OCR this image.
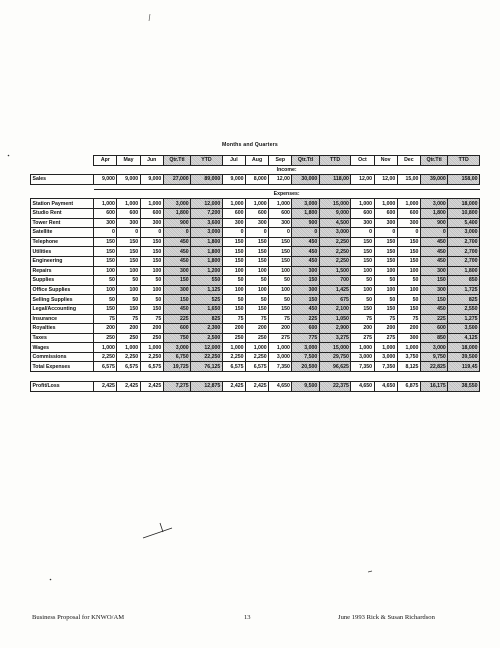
Months and Quarters
	Apr	May	Jun	Qtr.Ttl	YTD	Jul	Aug	Sep	Qtr.Ttl	TTD	Oct	Nov	Dec	Qtr.Ttl	TTD
	Income:														
Sales	9,000	9,000	9,000	27,000	89,000	9,000	8,000	12,00	30,000	118,00	12,00	12,00	15,00	39,000	158,00

	Expenses:														
Station Payment	1,000	1,000	1,000	3,000	12,000	1,000	1,000	1,000	3,000	15,000	1,000	1,000	1,000	3,000	18,000
Studio Rent	600	600	600	1,800	7,200	600	600	600	1,800	9,000	600	600	600	1,800	10,800
Tower Rent	300	300	300	900	3,600	300	300	300	900	4,500	300	300	300	900	5,400
Satellite	0	0	0	0	3,000	0	0	0	0	3,000	0	0	0	0	3,000
Telephone	150	150	150	450	1,800	150	150	150	450	2,250	150	150	150	450	2,700
Utilities	150	150	150	450	1,800	150	150	150	450	2,250	150	150	150	450	2,700
Engineering	150	150	150	450	1,800	150	150	150	450	2,250	150	150	150	450	2,700
Repairs	100	100	100	300	1,200	100	100	100	300	1,500	100	100	100	300	1,800
Supplies	50	50	50	150	550	50	50	50	150	700	50	50	50	150	850
Office Supplies	100	100	100	300	1,125	100	100	100	300	1,425	100	100	100	300	1,725
Selling Supplies	50	50	50	150	525	50	50	50	150	675	50	50	50	150	825
Legal/Accounting	150	150	150	450	1,650	150	150	150	450	2,100	150	150	150	450	2,550
Insurance	75	75	75	225	825	75	75	75	225	1,050	75	75	75	225	1,275
Royalties	200	200	200	600	2,300	200	200	200	600	2,900	200	200	200	600	3,500
Taxes	250	250	250	750	2,500	250	250	275	775	3,275	275	275	300	850	4,125
Wages	1,000	1,000	1,000	3,000	12,000	1,000	1,000	1,000	3,000	15,000	1,000	1,000	1,000	3,000	18,000
Commissions	2,250	2,250	2,250	6,750	22,250	2,250	2,250	3,000	7,500	29,750	3,000	3,000	3,750	9,750	39,500
Total Expenses	6,575	6,575	6,575	19,725	76,125	6,575	6,575	7,350	20,500	96,625	7,350	7,350	8,125	22,825	119,45

Profit/Loss	2,425	2,425	2,425	7,275	12,875	2,425	2,425	4,650	9,500	22,375	4,650	4,650	6,875	16,175	38,550
Business Proposal for KNWO/AM	13	June 1993 Rick & Susan Richardson
